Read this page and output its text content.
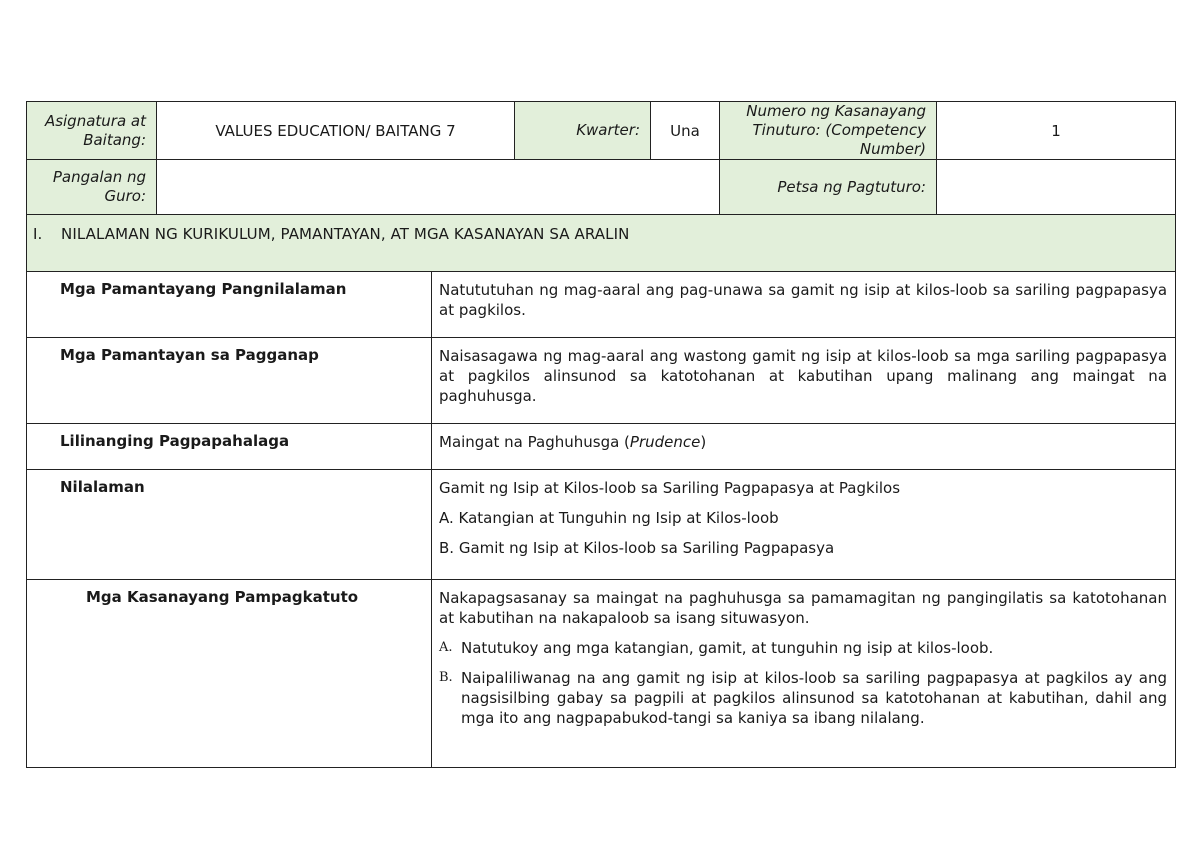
Asignatura at Baitang:	VALUES EDUCATION/ BAITANG 7	Kwarter:	Una	Numero ng Kasanayang Tinuturo: (Competency Number)	1
Pangalan ng Guro:				Petsa ng Pagtuturo:	
I. NILALAMAN NG KURIKULUM, PAMANTAYAN, AT MGA KASANAYAN SA ARALIN	
Mga Pamantayang Pangnilalaman	Natututuhan ng mag-aaral ang pag-unawa sa gamit ng isip at kilos-loob sa sariling pagpapasya at pagkilos.

Mga Pamantayan sa Pagganap	Naisasagawa ng mag-aaral ang wastong gamit ng isip at kilos-loob sa mga sariling pagpapasya at pagkilos alinsunod sa katotohanan at kabutihan upang malinang ang maingat na paghuhusga.

Lilinanging Pagpapahalaga	Maingat na Paghuhusga (Prudence)

Nilalaman	Gamit ng Isip at Kilos-loob sa Sariling Pagpapasya at Pagkilos

A. Katangian at Tunguhin ng Isip at Kilos-loob

B. Gamit ng Isip at Kilos-loob sa Sariling Pagpapasya

Mga Kasanayang Pampagkatuto	Nakapagsasanay sa maingat na paghuhusga sa pamamagitan ng pangingilatis sa katotohanan at kabutihan na nakapaloob sa isang situwasyon.

A. Natutukoy ang mga katangian, gamit, at tunguhin ng isip at kilos-loob.

B. Naipaliliwanag na ang gamit ng isip at kilos-loob sa sariling pagpapasya at pagkilos ay ang nagsisilbing gabay sa pagpili at pagkilos alinsunod sa katotohanan at kabutihan, dahil ang mga ito ang nagpapabukod-tangi sa kaniya sa ibang nilalang.
